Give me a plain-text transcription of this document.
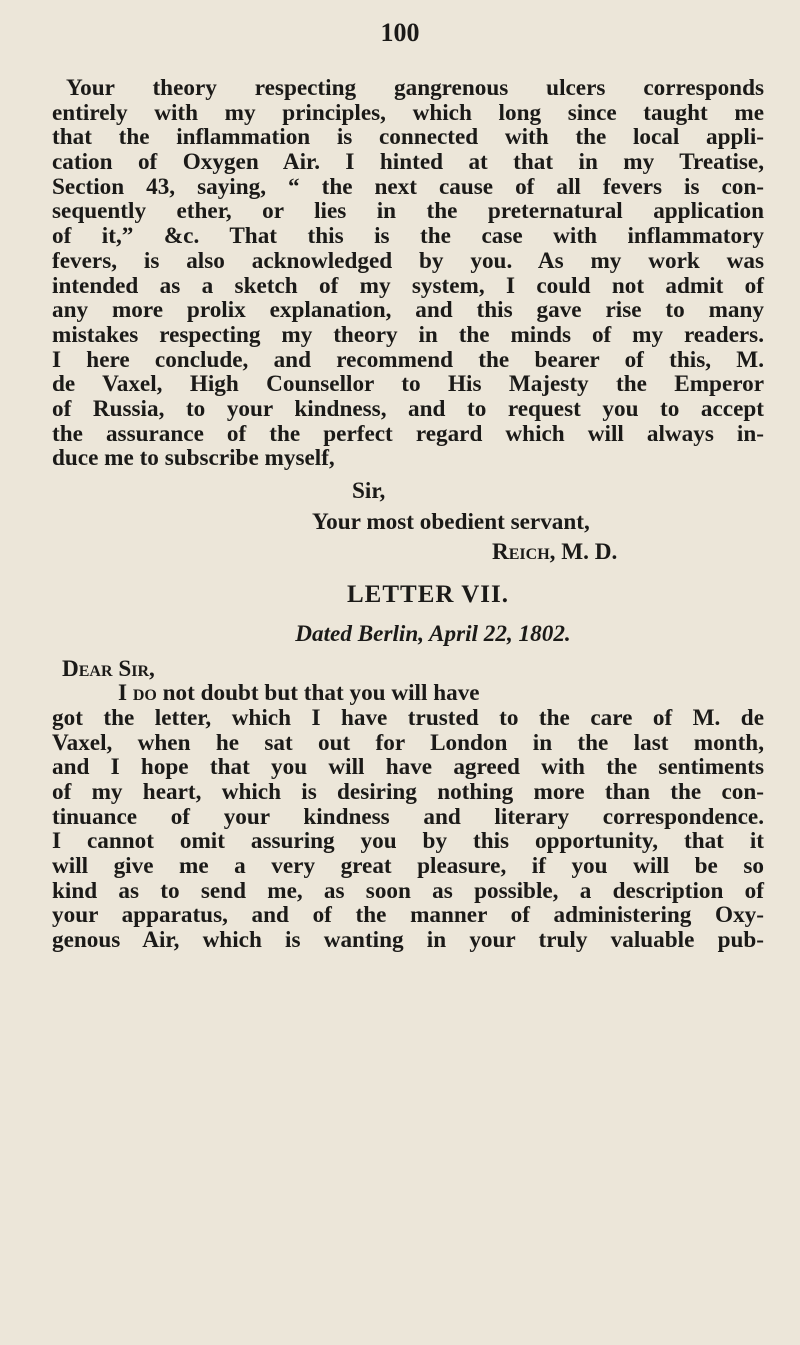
100
Your theory respecting gangrenous ulcers corresponds
entirely with my principles, which long since taught me
that the inflammation is connected with the local appli-
cation of Oxygen Air. I hinted at that in my Treatise,
Section 43, saying, “ the next cause of all fevers is con-
sequently ether, or lies in the preternatural application
of it,” &c. That this is the case with inflammatory
fevers, is also acknowledged by you. As my work was
intended as a sketch of my system, I could not admit of
any more prolix explanation, and this gave rise to many
mistakes respecting my theory in the minds of my readers.
I here conclude, and recommend the bearer of this, M.
de Vaxel, High Counsellor to His Majesty the Emperor
of Russia, to your kindness, and to request you to accept
the assurance of the perfect regard which will always in-
duce me to subscribe myself,
Sir,
Your most obedient servant,
Reich, M. D.
LETTER VII.
Dated Berlin, April 22, 1802.
Dear Sir,
I do not doubt but that you will have
got the letter, which I have trusted to the care of M. de
Vaxel, when he sat out for London in the last month,
and I hope that you will have agreed with the sentiments
of my heart, which is desiring nothing more than the con-
tinuance of your kindness and literary correspondence.
I cannot omit assuring you by this opportunity, that it
will give me a very great pleasure, if you will be so
kind as to send me, as soon as possible, a description of
your apparatus, and of the manner of administering Oxy-
genous Air, which is wanting in your truly valuable pub-
